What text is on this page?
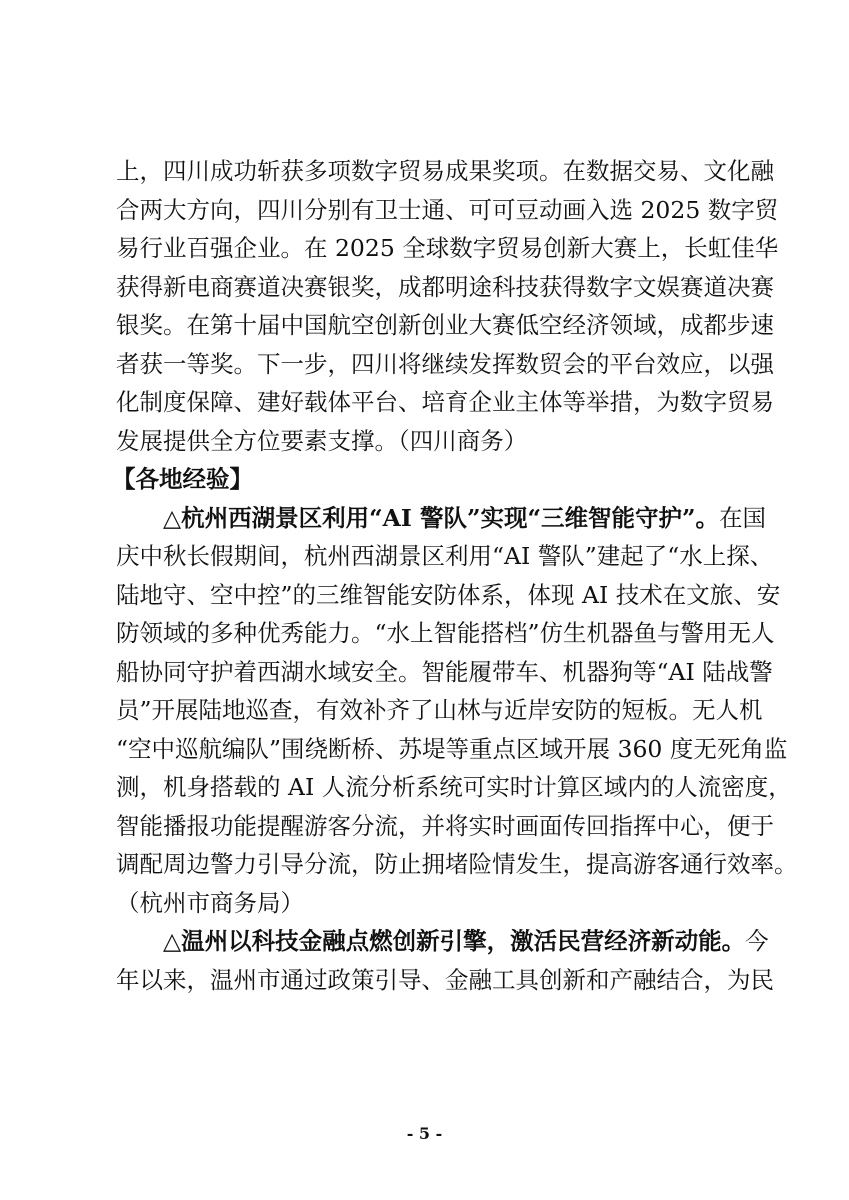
上，四川成功斩获多项数字贸易成果奖项。在数据交易、文化融
合两大方向，四川分别有卫士通、可可豆动画入选 2025 数字贸
易行业百强企业。在 2025 全球数字贸易创新大赛上，长虹佳华
获得新电商赛道决赛银奖，成都明途科技获得数字文娱赛道决赛
银奖。在第十届中国航空创新创业大赛低空经济领域，成都步速
者获一等奖。下一步，四川将继续发挥数贸会的平台效应，以强
化制度保障、建好载体平台、培育企业主体等举措，为数字贸易
发展提供全方位要素支撑。（四川商务）
【各地经验】
△杭州西湖景区利用“AI 警队”实现“三维智能守护”。在国
庆中秋长假期间，杭州西湖景区利用“AI 警队”建起了“水上探、
陆地守、空中控”的三维智能安防体系，体现 AI 技术在文旅、安
防领域的多种优秀能力。“水上智能搭档”仿生机器鱼与警用无人
船协同守护着西湖水域安全。智能履带车、机器狗等“AI 陆战警
员”开展陆地巡查，有效补齐了山林与近岸安防的短板。无人机
“空中巡航编队”围绕断桥、苏堤等重点区域开展 360 度无死角监
测，机身搭载的 AI 人流分析系统可实时计算区域内的人流密度，
智能播报功能提醒游客分流，并将实时画面传回指挥中心，便于
调配周边警力引导分流，防止拥堵险情发生，提高游客通行效率。
（杭州市商务局）
△温州以科技金融点燃创新引擎，激活民营经济新动能。今
年以来，温州市通过政策引导、金融工具创新和产融结合，为民
- 5 -
